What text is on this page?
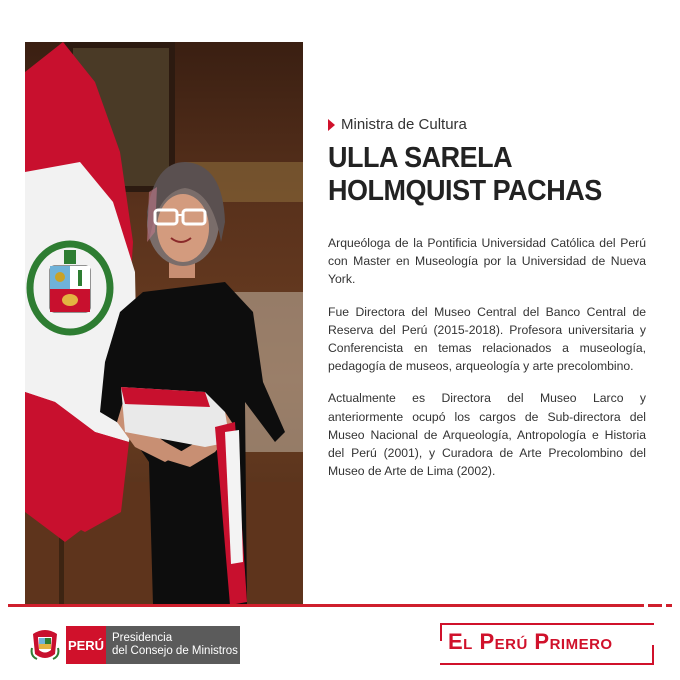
Ministra de Cultura
ULLA SARELA
HOLMQUIST PACHAS

Arqueóloga de la Pontificia Universidad Católica del Perú con Master en Museología por la Universidad de Nueva York.

Fue Directora del Museo Central del Banco Central de Reserva del Perú (2015-2018). Profesora universitaria y Conferencista en temas relacionados a museología, pedagogía de museos, arqueología y arte precolombino.

Actualmente es Directora del Museo Larco y anteriormente ocupó los cargos de Sub-directora del Museo Nacional de Arqueología, Antropología e Historia del Perú (2001), y Curadora de Arte Precolombino del Museo de Arte de Lima (2002).

PERÚ Presidencia
del Consejo de Ministros	El Perú Primero
